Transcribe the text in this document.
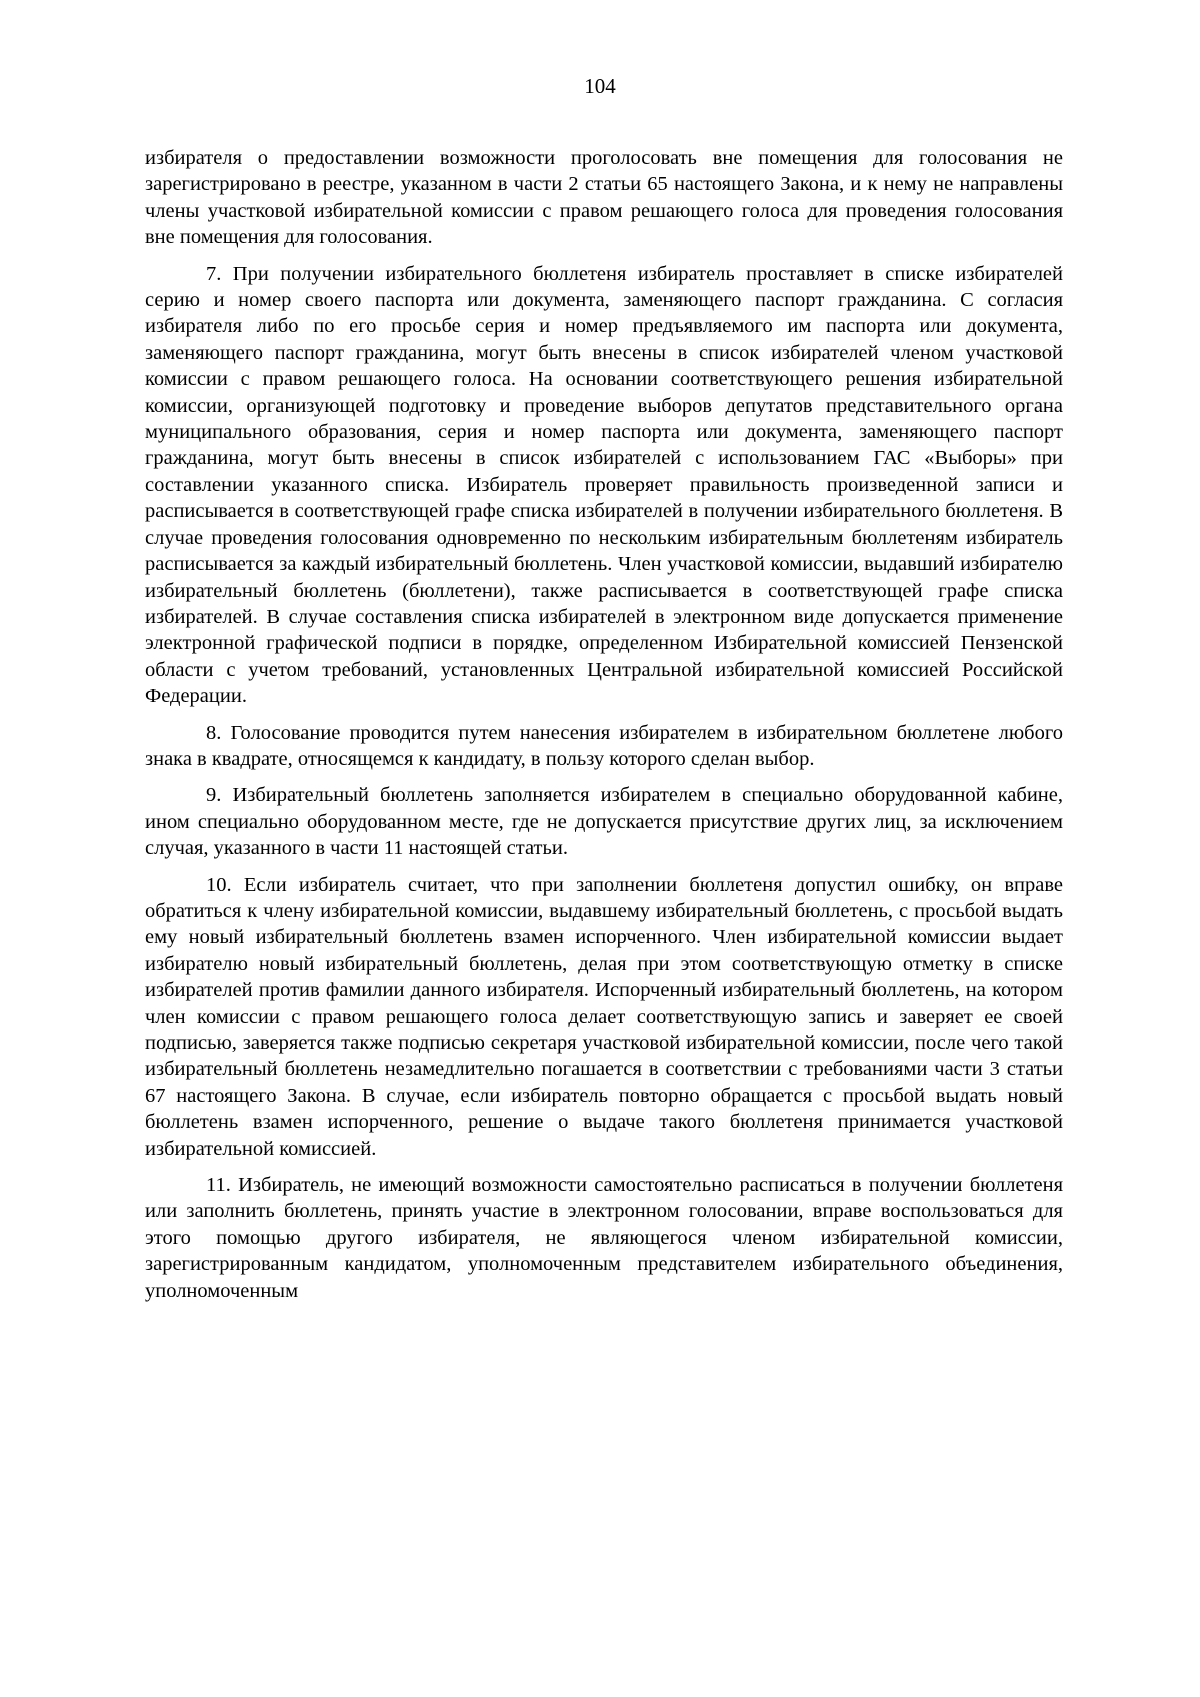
104

избирателя о предоставлении возможности проголосовать вне помещения для голосования не зарегистрировано в реестре, указанном в части 2 статьи 65 настоящего Закона, и к нему не направлены члены участковой избирательной комиссии с правом решающего голоса для проведения голосования вне помещения для голосования.

7. При получении избирательного бюллетеня избиратель проставляет в списке избирателей серию и номер своего паспорта или документа, заменяющего паспорт гражданина. С согласия избирателя либо по его просьбе серия и номер предъявляемого им паспорта или документа, заменяющего паспорт гражданина, могут быть внесены в список избирателей членом участковой комиссии с правом решающего голоса. На основании соответствующего решения избирательной комиссии, организующей подготовку и проведение выборов депутатов представительного органа муниципального образования, серия и номер паспорта или документа, заменяющего паспорт гражданина, могут быть внесены в список избирателей с использованием ГАС «Выборы» при составлении указанного списка. Избиратель проверяет правильность произведенной записи и расписывается в соответствующей графе списка избирателей в получении избирательного бюллетеня. В случае проведения голосования одновременно по нескольким избирательным бюллетеням избиратель расписывается за каждый избирательный бюллетень. Член участковой комиссии, выдавший избирателю избирательный бюллетень (бюллетени), также расписывается в соответствующей графе списка избирателей. В случае составления списка избирателей в электронном виде допускается применение электронной графической подписи в порядке, определенном Избирательной комиссией Пензенской области с учетом требований, установленных Центральной избирательной комиссией Российской Федерации.

8. Голосование проводится путем нанесения избирателем в избирательном бюллетене любого знака в квадрате, относящемся к кандидату, в пользу которого сделан выбор.

9. Избирательный бюллетень заполняется избирателем в специально оборудованной кабине, ином специально оборудованном месте, где не допускается присутствие других лиц, за исключением случая, указанного в части 11 настоящей статьи.

10. Если избиратель считает, что при заполнении бюллетеня допустил ошибку, он вправе обратиться к члену избирательной комиссии, выдавшему избирательный бюллетень, с просьбой выдать ему новый избирательный бюллетень взамен испорченного. Член избирательной комиссии выдает избирателю новый избирательный бюллетень, делая при этом соответствующую отметку в списке избирателей против фамилии данного избирателя. Испорченный избирательный бюллетень, на котором член комиссии с правом решающего голоса делает соответствующую запись и заверяет ее своей подписью, заверяется также подписью секретаря участковой избирательной комиссии, после чего такой избирательный бюллетень незамедлительно погашается в соответствии с требованиями части 3 статьи 67 настоящего Закона. В случае, если избиратель повторно обращается с просьбой выдать новый бюллетень взамен испорченного, решение о выдаче такого бюллетеня принимается участковой избирательной комиссией.

11. Избиратель, не имеющий возможности самостоятельно расписаться в получении бюллетеня или заполнить бюллетень, принять участие в электронном голосовании, вправе воспользоваться для этого помощью другого избирателя, не являющегося членом избирательной комиссии, зарегистрированным кандидатом, уполномоченным представителем избирательного объединения, уполномоченным
